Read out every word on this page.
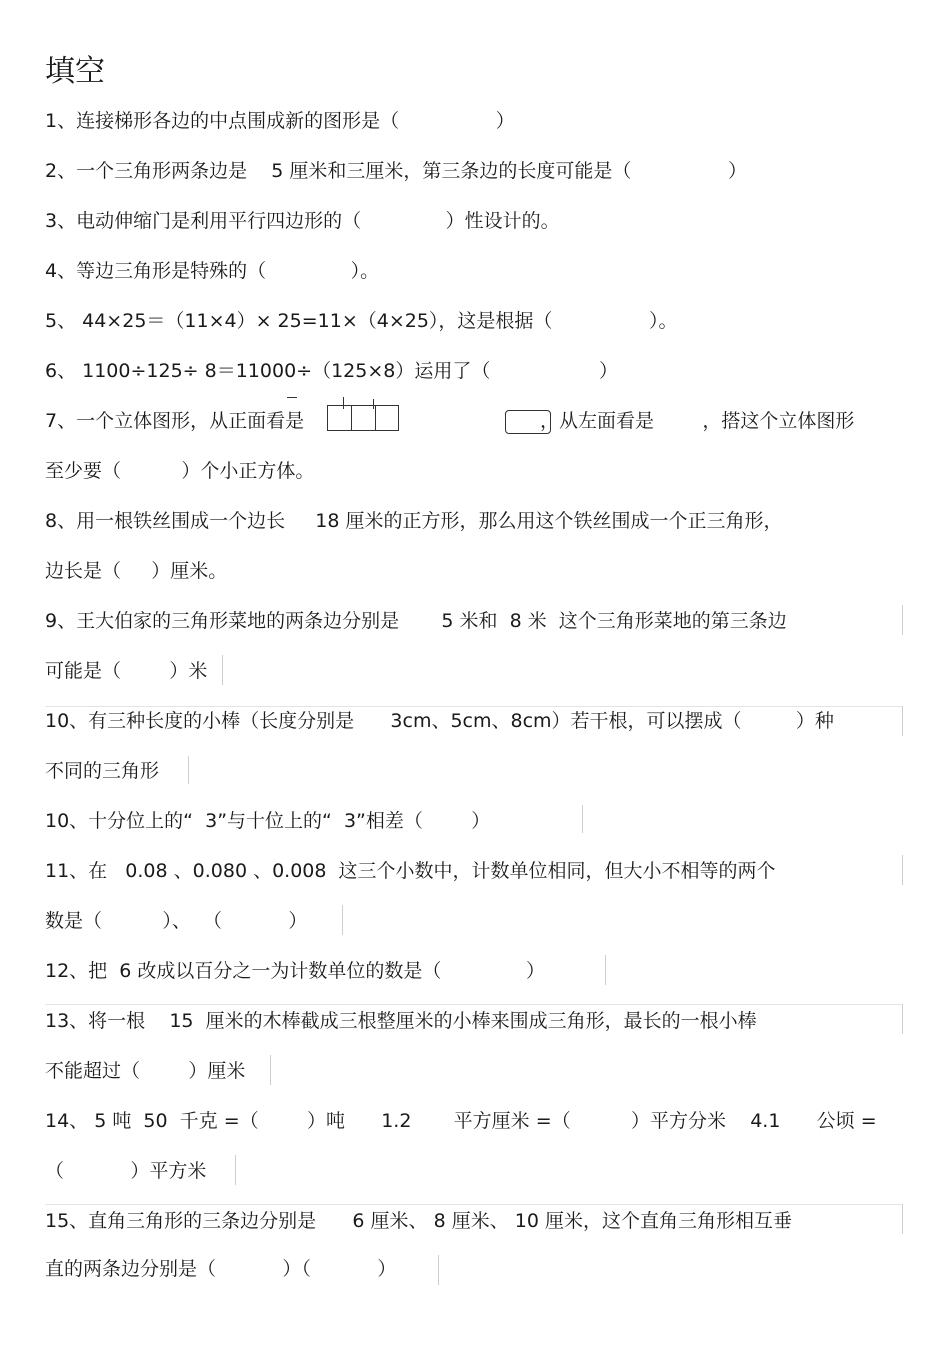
填空
1、连接梯形各边的中点围成新的图形是（                ）
2、一个三角形两条边是    5 厘米和三厘米，第三条边的长度可能是（                ）
3、电动伸缩门是利用平行四边形的（              ）性设计的。
4、等边三角形是特殊的（              ）。
5、 44×25＝（11×4）× 25=11×（4×25），这是根据（                ）。
6、 1100÷125÷ 8＝11000÷（125×8）运用了（                  ）
7、一个立体图形，从正面看是	，从左面看是        ，搭这个立体图形
至少要（          ）个小正方体。
8、用一根铁丝围成一个边长     18 厘米的正方形，那么用这个铁丝围成一个正三角形，
边长是（     ）厘米。
9、王大伯家的三角形菜地的两条边分别是       5 米和  8 米  这个三角形菜地的第三条边
可能是（        ）米
10、有三种长度的小棒（长度分别是      3cm、5cm、8cm）若干根，可以摆成（         ）种
不同的三角形
10、十分位上的“  3”与十位上的“  3”相差（        ）
11、在   0.08 、0.080 、0.008  这三个小数中，计数单位相同，但大小不相等的两个
数是（          ）、  （           ）
12、把  6 改成以百分之一为计数单位的数是（              ）
13、将一根    15  厘米的木棒截成三根整厘米的小棒来围成三角形，最长的一根小棒
不能超过（        ）厘米
14、 5 吨  50  千克 =（        ）吨      1.2       平方厘米 =（          ）平方分米    4.1      公顷 =
（           ）平方米
15、直角三角形的三条边分别是      6 厘米、 8 厘米、 10 厘米，这个直角三角形相互垂
直的两条边分别是（           ）（           ）
